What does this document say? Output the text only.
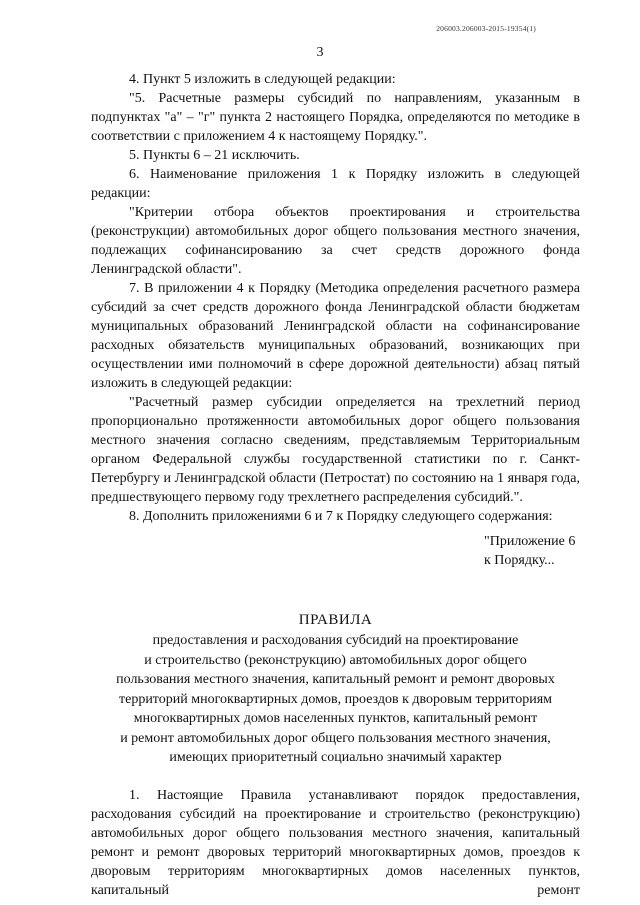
206003.206003-2015-19354(1)
3

4. Пункт 5 изложить в следующей редакции:

"5. Расчетные размеры субсидий по направлениям, указанным в подпунктах "а" – "г" пункта 2 настоящего Порядка, определяются по методике в соответствии с приложением 4 к настоящему Порядку.".

5. Пункты 6 – 21 исключить.

6. Наименование приложения 1 к Порядку изложить в следующей редакции:

"Критерии отбора объектов проектирования и строительства (реконструкции) автомобильных дорог общего пользования местного значения, подлежащих софинансированию за счет средств дорожного фонда Ленинградской области".

7. В приложении 4 к Порядку (Методика определения расчетного размера субсидий за счет средств дорожного фонда Ленинградской области бюджетам муниципальных образований Ленинградской области на софинансирование расходных обязательств муниципальных образований, возникающих при осуществлении ими полномочий в сфере дорожной деятельности) абзац пятый изложить в следующей редакции:

"Расчетный размер субсидии определяется на трехлетний период пропорционально протяженности автомобильных дорог общего пользования местного значения согласно сведениям, представляемым Территориальным органом Федеральной службы государственной статистики по г. Санкт-Петербургу и Ленинградской области (Петростат) по состоянию на 1 января года, предшествующего первому году трехлетнего распределения субсидий.".

8. Дополнить приложениями 6 и 7 к Порядку следующего содержания:

"Приложение 6
к Порядку...
ПРАВИЛА
предоставления и расходования субсидий на проектирование
и строительство (реконструкцию) автомобильных дорог общего
пользования местного значения, капитальный ремонт и ремонт дворовых
территорий многоквартирных домов, проездов к дворовым территориям
многоквартирных домов населенных пунктов, капитальный ремонт
и ремонт автомобильных дорог общего пользования местного значения,
имеющих приоритетный социально значимый характер

1. Настоящие Правила устанавливают порядок предоставления, расходования субсидий на проектирование и строительство (реконструкцию) автомобильных дорог общего пользования местного значения, капитальный ремонт и ремонт дворовых территорий многоквартирных домов, проездов к дворовым территориям многоквартирных домов населенных пунктов, капитальный ремонт
